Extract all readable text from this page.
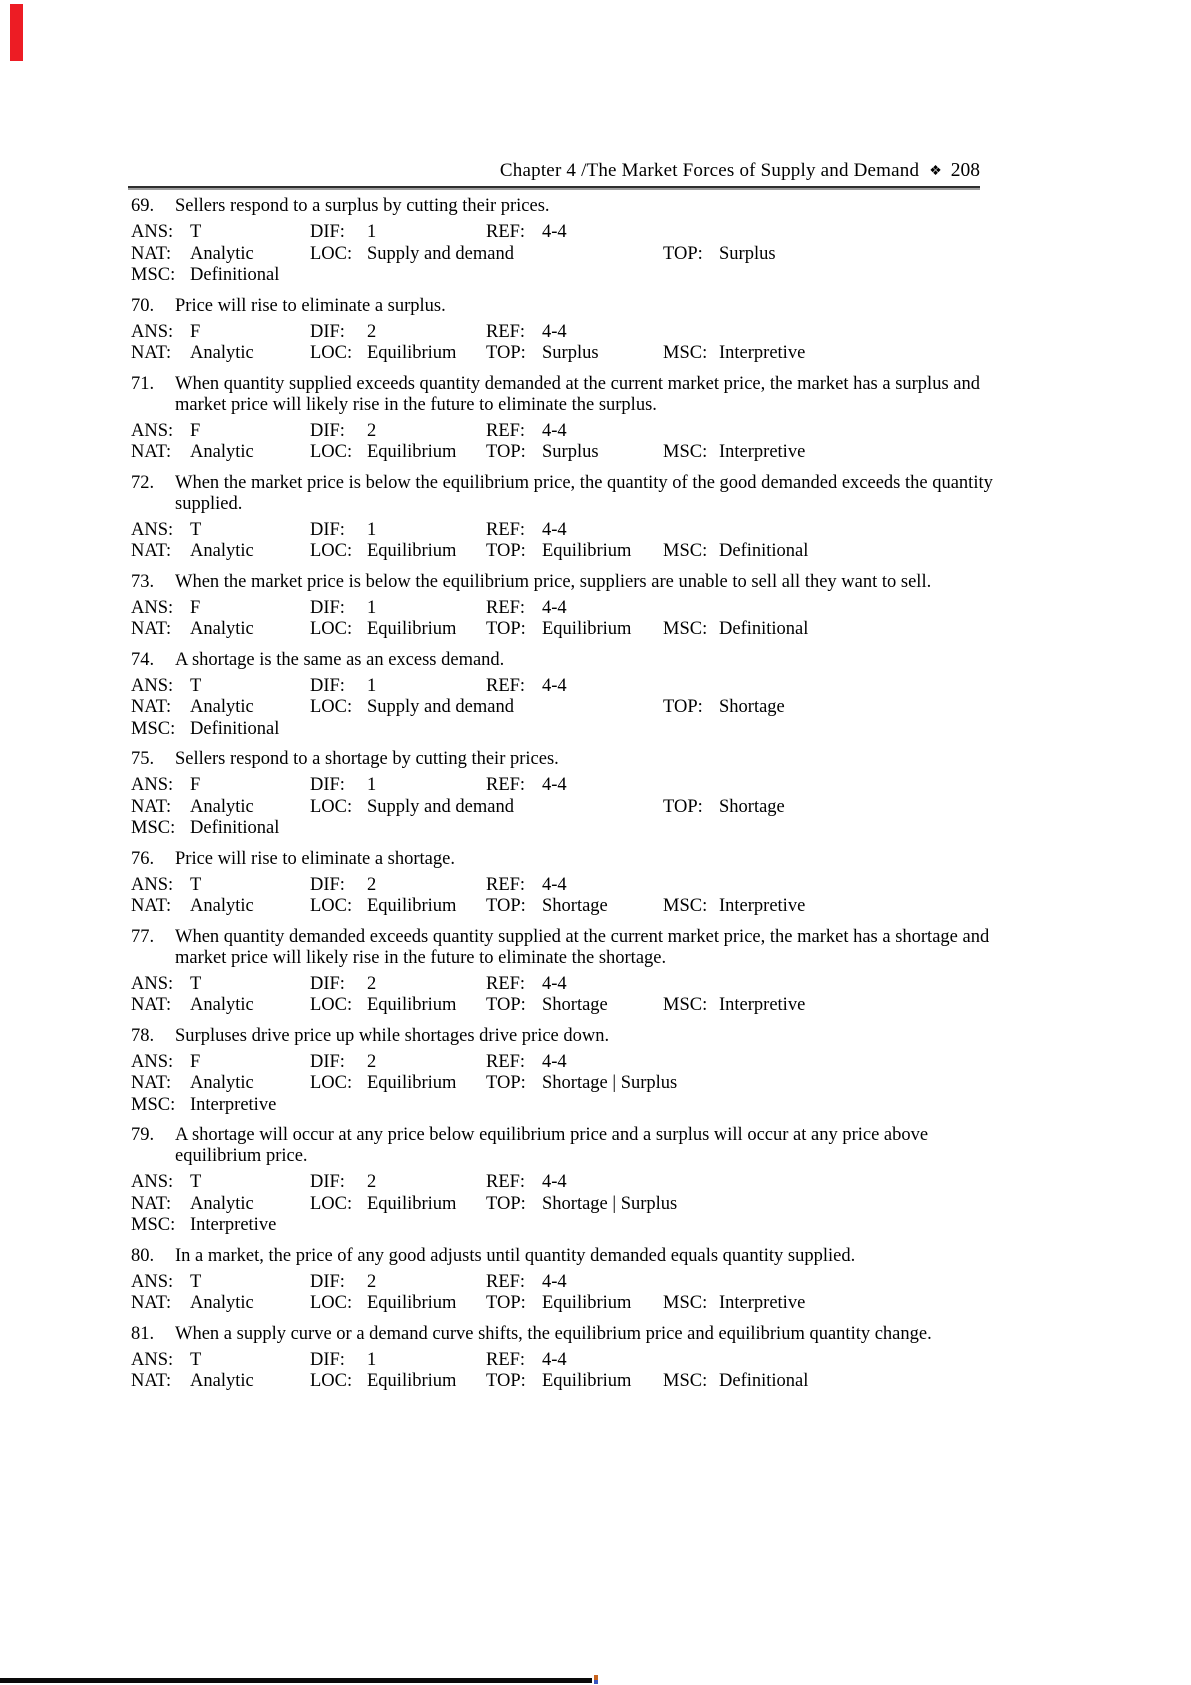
Chapter 4 /The Market Forces of Supply and Demand ❖ 208
69. Sellers respond to a surplus by cutting their prices.
ANS: T	DIF: 1	REF: 4-4
NAT: Analytic	LOC: Supply and demand	TOP: Surplus
MSC: Definitional
70. Price will rise to eliminate a surplus.
ANS: F	DIF: 2	REF: 4-4
NAT: Analytic	LOC: Equilibrium TOP: Surplus	MSC: Interpretive
71. When quantity supplied exceeds quantity demanded at the current market price, the market has a surplus and
market price will likely rise in the future to eliminate the surplus.
ANS: F	DIF: 2	REF: 4-4
NAT: Analytic	LOC: Equilibrium TOP: Surplus	MSC: Interpretive
72. When the market price is below the equilibrium price, the quantity of the good demanded exceeds the quantity
supplied.
ANS: T	DIF: 1	REF: 4-4
NAT: Analytic	LOC: Equilibrium TOP: Equilibrium MSC: Definitional
73. When the market price is below the equilibrium price, suppliers are unable to sell all they want to sell.
ANS: F	DIF: 1	REF: 4-4
NAT: Analytic	LOC: Equilibrium TOP: Equilibrium MSC: Definitional
74. A shortage is the same as an excess demand.
ANS: T	DIF: 1	REF: 4-4
NAT: Analytic	LOC: Supply and demand	TOP: Shortage
MSC: Definitional
75. Sellers respond to a shortage by cutting their prices.
ANS: F	DIF: 1	REF: 4-4
NAT: Analytic	LOC: Supply and demand	TOP: Shortage
MSC: Definitional
76. Price will rise to eliminate a shortage.
ANS: T	DIF: 2	REF: 4-4
NAT: Analytic	LOC: Equilibrium TOP: Shortage	MSC: Interpretive
77. When quantity demanded exceeds quantity supplied at the current market price, the market has a shortage and
market price will likely rise in the future to eliminate the shortage.
ANS: T	DIF: 2	REF: 4-4
NAT: Analytic	LOC: Equilibrium TOP: Shortage	MSC: Interpretive
78. Surpluses drive price up while shortages drive price down.
ANS: F	DIF: 2	REF: 4-4
NAT: Analytic	LOC: Equilibrium TOP: Shortage | Surplus
MSC: Interpretive
79. A shortage will occur at any price below equilibrium price and a surplus will occur at any price above
equilibrium price.
ANS: T	DIF: 2	REF: 4-4
NAT: Analytic	LOC: Equilibrium TOP: Shortage | Surplus
MSC: Interpretive
80. In a market, the price of any good adjusts until quantity demanded equals quantity supplied.
ANS: T	DIF: 2	REF: 4-4
NAT: Analytic	LOC: Equilibrium TOP: Equilibrium MSC: Interpretive
81. When a supply curve or a demand curve shifts, the equilibrium price and equilibrium quantity change.
ANS: T	DIF: 1	REF: 4-4
NAT: Analytic	LOC: Equilibrium TOP: Equilibrium MSC: Definitional
